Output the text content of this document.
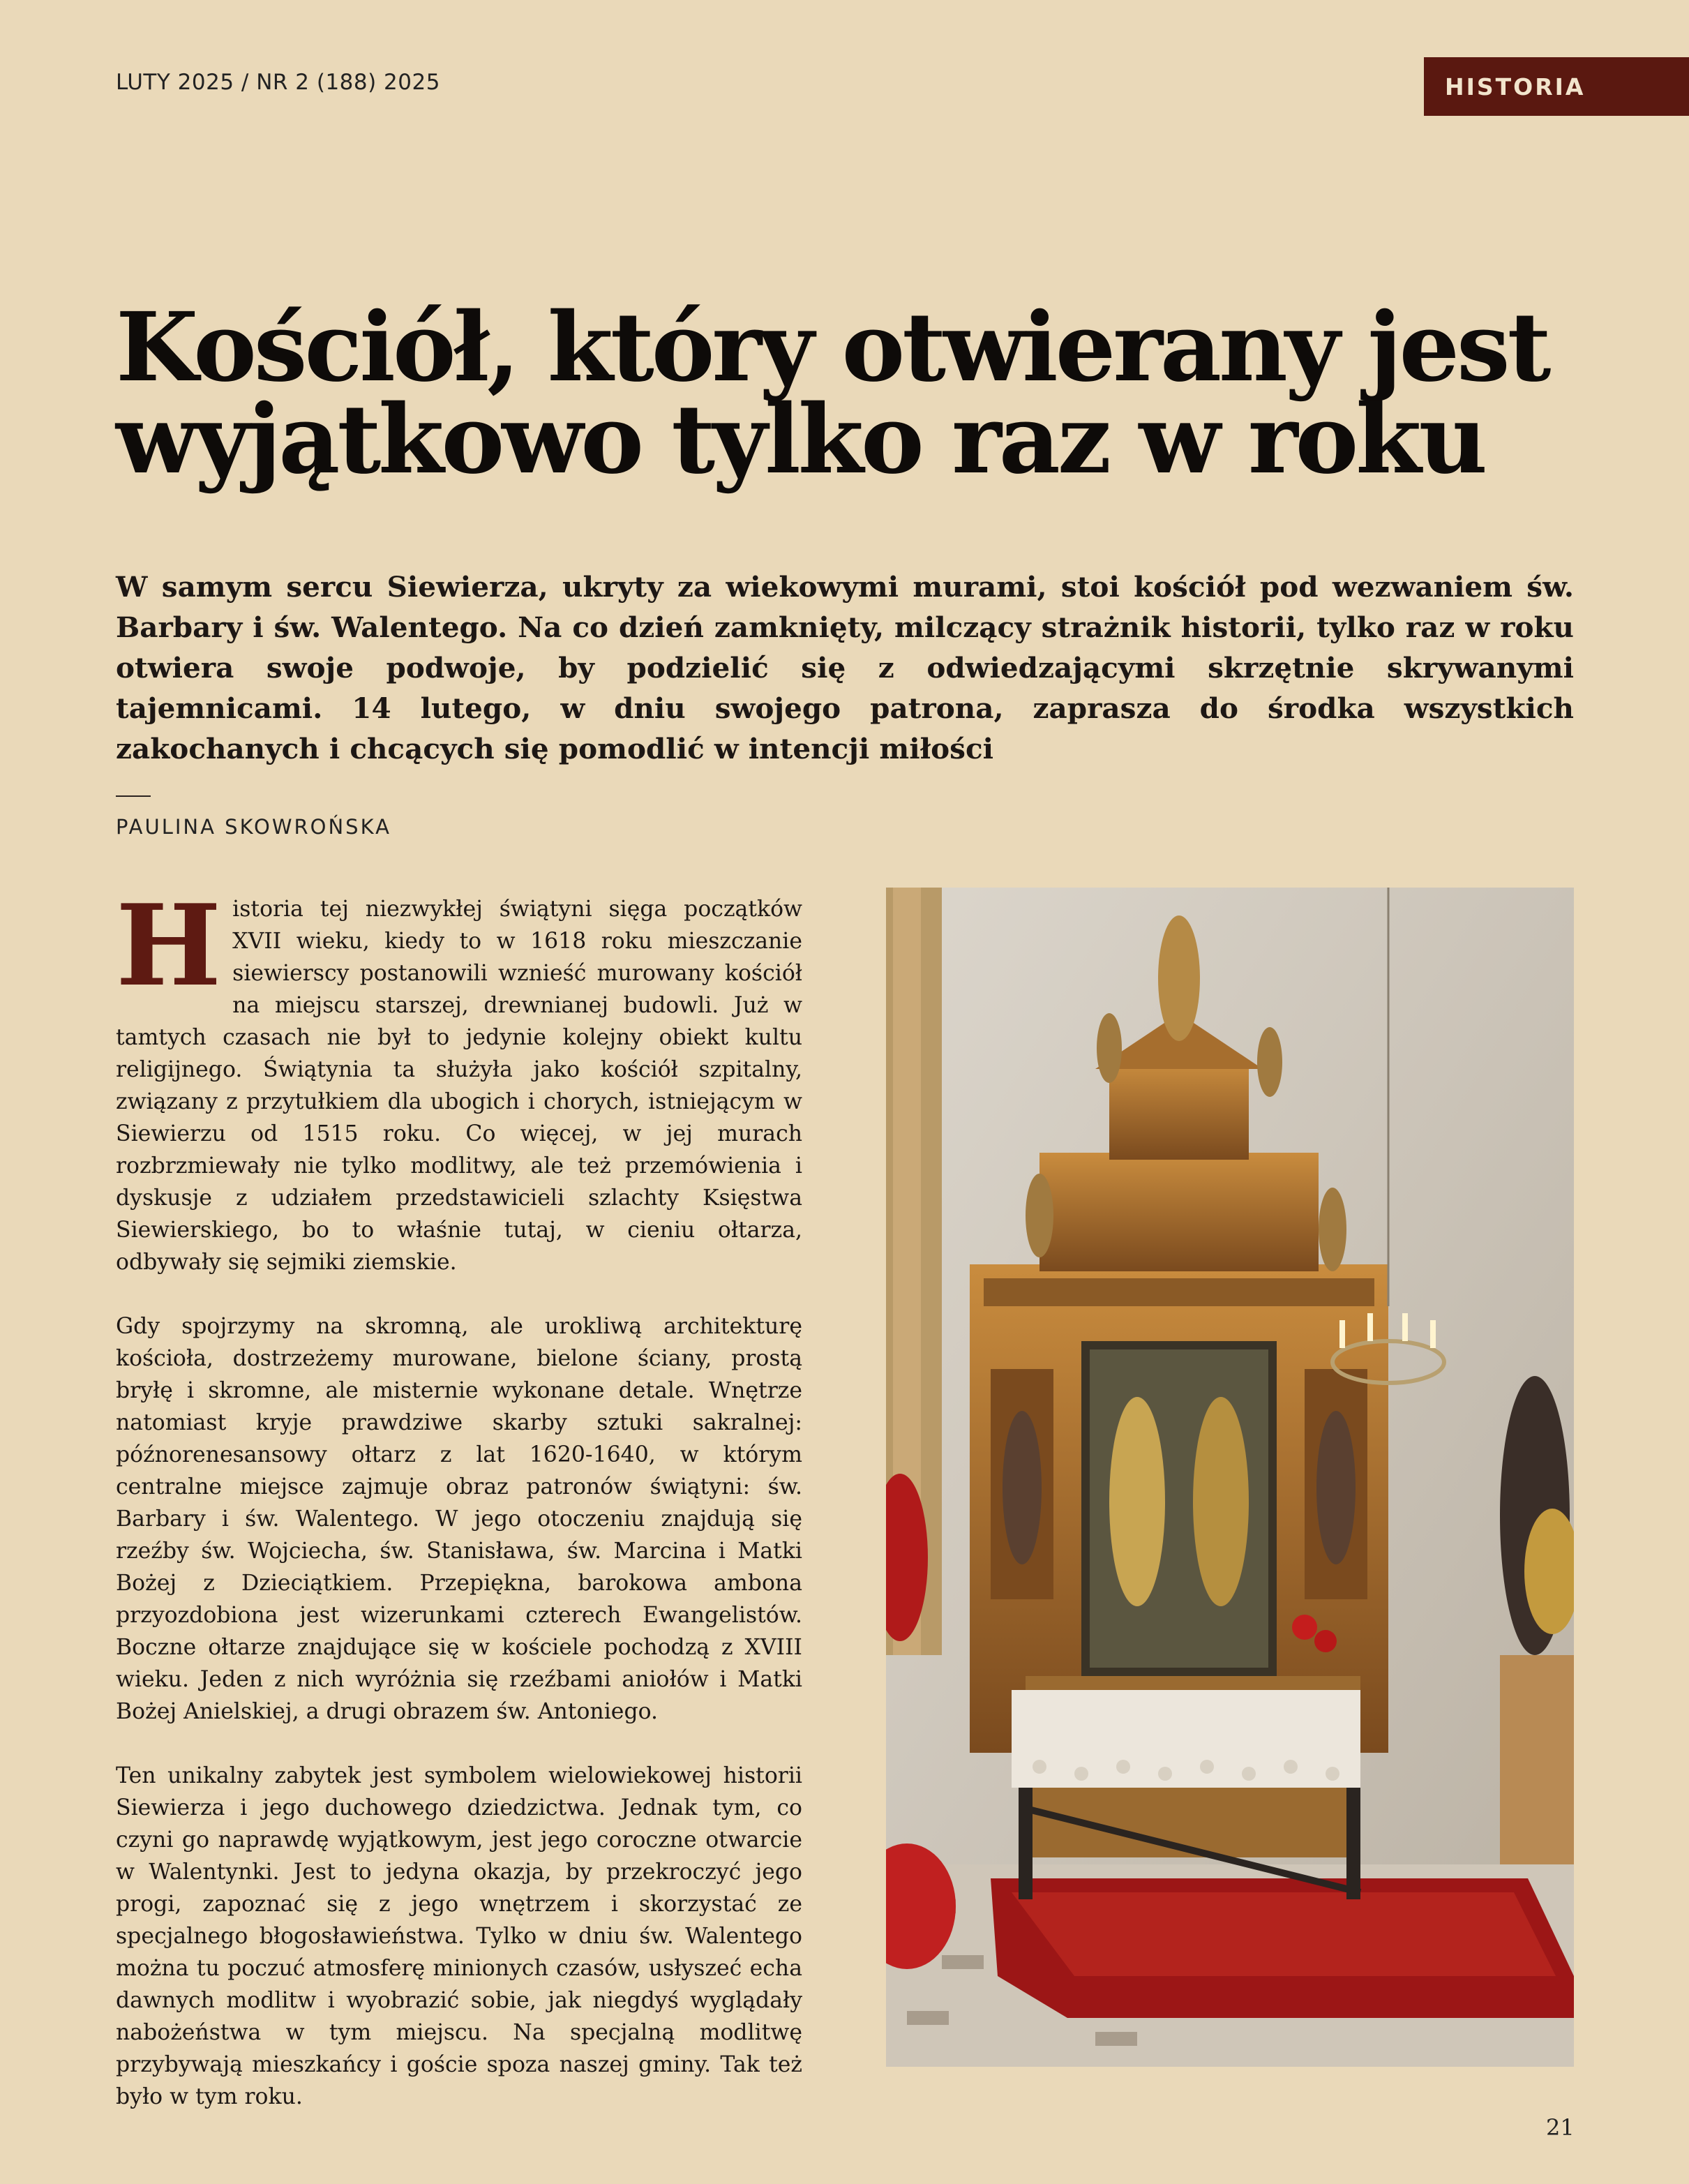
LUTY 2025 / NR 2 (188) 2025	HISTORIA
Kościół, który otwierany jest
wyjątkowo tylko raz w roku

W samym sercu Siewierza, ukryty za wiekowymi murami, stoi kościół pod wezwaniem św. Barbary i św. Walentego. Na co dzień zamknięty, milczący strażnik historii, tylko raz w roku otwiera swoje podwoje, by podzielić się z odwiedzającymi skrzętnie skrywanymi tajemnicami. 14 lutego, w dniu swojego patrona, zaprasza do środka wszystkich zakochanych i chcących się pomodlić w intencji miłości

PAULINA SKOWROŃSKA

Historia tej niezwykłej świątyni sięga początków XVII wieku, kiedy to w 1618 roku mieszczanie siewierscy postanowili wznieść murowany kościół na miejscu starszej, drewnianej budowli. Już w tamtych czasach nie był to jedynie kolejny obiekt kultu religijnego. Świątynia ta służyła jako kościół szpitalny, związany z przytułkiem dla ubogich i chorych, istniejącym w Siewierzu od 1515 roku. Co więcej, w jej murach rozbrzmiewały nie tylko modlitwy, ale też przemówienia i dyskusje z udziałem przedstawicieli szlachty Księstwa Siewierskiego, bo to właśnie tutaj, w cieniu ołtarza, odbywały się sejmiki ziemskie.

Gdy spojrzymy na skromną, ale urokliwą architekturę kościoła, dostrzeżemy murowane, bielone ściany, prostą bryłę i skromne, ale misternie wykonane detale. Wnętrze natomiast kryje prawdziwe skarby sztuki sakralnej: późnorenesansowy ołtarz z lat 1620-1640, w którym centralne miejsce zajmuje obraz patronów świątyni: św. Barbary i św. Walentego. W jego otoczeniu znajdują się rzeźby św. Wojciecha, św. Stanisława, św. Marcina i Matki Bożej z Dzieciątkiem. Przepiękna, barokowa ambona przyozdobiona jest wizerunkami czterech Ewangelistów. Boczne ołtarze znajdujące się w kościele pochodzą z XVIII wieku. Jeden z nich wyróżnia się rzeźbami aniołów i Matki Bożej Anielskiej, a drugi obrazem św. Antoniego.

Ten unikalny zabytek jest symbolem wielowiekowej historii Siewierza i jego duchowego dziedzictwa. Jednak tym, co czyni go naprawdę wyjątkowym, jest jego coroczne otwarcie w Walentynki. Jest to jedyna okazja, by przekroczyć jego progi, zapoznać się z jego wnętrzem i skorzystać ze specjalnego błogosławieństwa. Tylko w dniu św. Walentego można tu poczuć atmosferę minionych czasów, usłyszeć echa dawnych modlitw i wyobrazić sobie, jak niegdyś wyglądały nabożeństwa w tym miejscu. Na specjalną modlitwę przybywają mieszkańcy i goście spoza naszej gminy. Tak też było w tym roku.

21
